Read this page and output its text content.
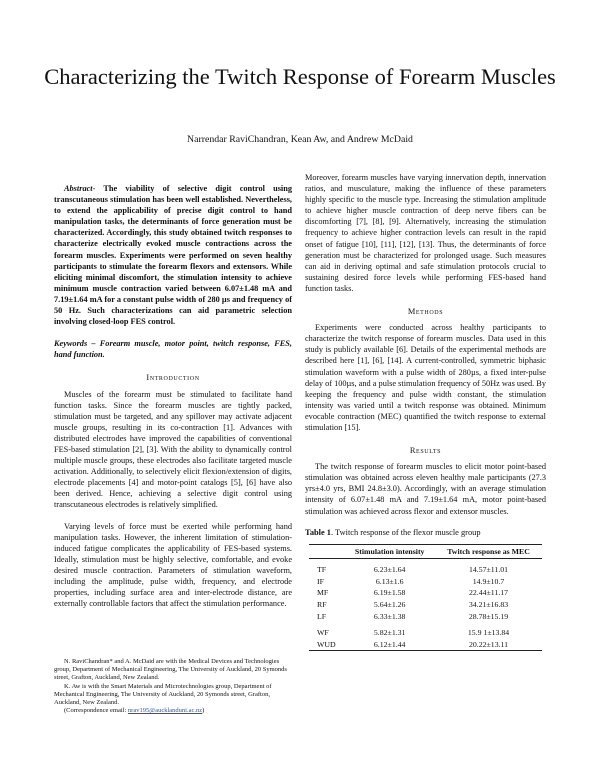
Characterizing the Twitch Response of Forearm Muscles
Narrendar RaviChandran, Kean Aw, and Andrew McDaid

Abstract- The viability of selective digit control using transcutaneous stimulation has been well established. Nevertheless, to extend the applicability of precise digit control to hand manipulation tasks, the determinants of force generation must be characterized. Accordingly, this study obtained twitch responses to characterize electrically evoked muscle contractions across the forearm muscles. Experiments were performed on seven healthy participants to stimulate the forearm flexors and extensors. While eliciting minimal discomfort, the stimulation intensity to achieve minimum muscle contraction varied between 6.07±1.48 mA and 7.19±1.64 mA for a constant pulse width of 280 µs and frequency of 50 Hz. Such characterizations can aid parametric selection involving closed-loop FES control.

Keywords – Forearm muscle, motor point, twitch response, FES, hand function.

Introduction

Muscles of the forearm must be stimulated to facilitate hand function tasks. Since the forearm muscles are tightly packed, stimulation must be targeted, and any spillover may activate adjacent muscle groups, resulting in its co-contraction [1]. Advances with distributed electrodes have improved the capabilities of conventional FES-based stimulation [2], [3]. With the ability to dynamically control multiple muscle groups, these electrodes also facilitate targeted muscle activation. Additionally, to selectively elicit flexion/extension of digits, electrode placements [4] and motor-point catalogs [5], [6] have also been derived. Hence, achieving a selective digit control using transcutaneous electrodes is relatively simplified.

Varying levels of force must be exerted while performing hand manipulation tasks. However, the inherent limitation of stimulation-induced fatigue complicates the applicability of FES-based systems. Ideally, stimulation must be highly selective, comfortable, and evoke desired muscle contraction. Parameters of stimulation waveform, including the amplitude, pulse width, frequency, and electrode properties, including surface area and inter-electrode distance, are externally controllable factors that affect the stimulation performance.

N. RaviChandran* and A. McDaid are with the Medical Devices and Technologies group, Department of Mechanical Engineering, The University of Auckland, 20 Symonds street, Grafton, Auckland, New Zealand.

K. Aw is with the Smart Materials and Microtechnologies group, Department of Mechanical Engineering, The University of Auckland, 20 Symonds street, Grafton, Auckland, New Zealand.

(Correspondence email: nrav195@aucklanduni.ac.nz)

Moreover, forearm muscles have varying innervation depth, innervation ratios, and musculature, making the influence of these parameters highly specific to the muscle type. Increasing the stimulation amplitude to achieve higher muscle contraction of deep nerve fibers can be discomforting [7], [8], [9]. Alternatively, increasing the stimulation frequency to achieve higher contraction levels can result in the rapid onset of fatigue [10], [11], [12], [13]. Thus, the determinants of force generation must be characterized for prolonged usage. Such measures can aid in deriving optimal and safe stimulation protocols crucial to sustaining desired force levels while performing FES-based hand function tasks.

Methods

Experiments were conducted across healthy participants to characterize the twitch response of forearm muscles. Data used in this study is publicly available [6]. Details of the experimental methods are described here [1], [6], [14]. A current-controlled, symmetric biphasic stimulation waveform with a pulse width of 280µs, a fixed inter-pulse delay of 100µs, and a pulse stimulation frequency of 50Hz was used. By keeping the frequency and pulse width constant, the stimulation intensity was varied until a twitch response was obtained. Minimum evocable contraction (MEC) quantified the twitch response to external stimulation [15].

Results

The twitch response of forearm muscles to elicit motor point-based stimulation was obtained across eleven healthy male participants (27.3 yrs±4.0 yrs, BMI 24.8±3.0). Accordingly, with an average stimulation intensity of 6.07±1.48 mA and 7.19±1.64 mA, motor point-based stimulation was achieved across flexor and extensor muscles.

Table 1. Twitch response of the flexor muscle group

	Stimulation intensity	Twitch response as MEC

TF	6.23±1.64	14.57±11.01
IF	6.13±1.6	14.9±10.7
MF	6.19±1.58	22.44±11.17
RF	5.64±1.26	34.21±16.83
LF	6.33±1.38	28.78±15.19

WF	5.82±1.31	15.9 1±13.84
WUD	6.12±1.44	20.22±13.11
